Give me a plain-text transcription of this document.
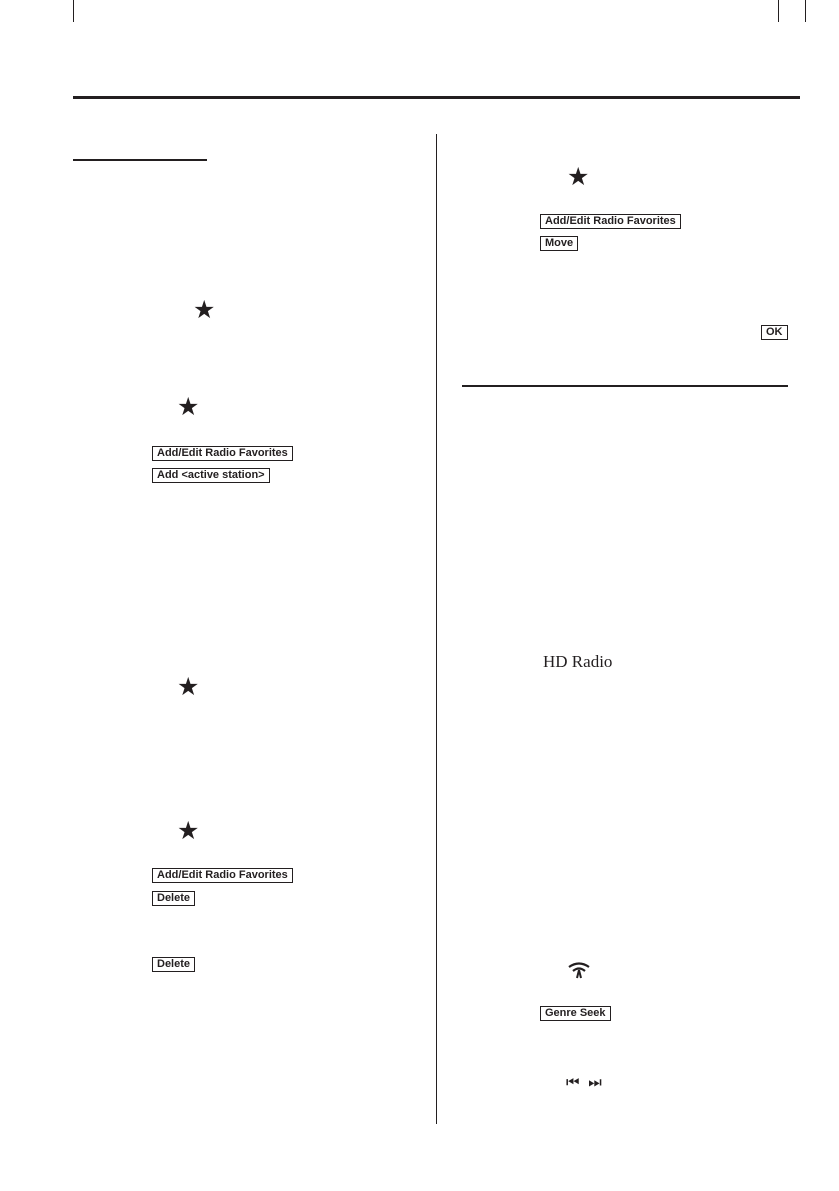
★
★
Add/Edit Radio Favorites
Add <active station>
★
★
Add/Edit Radio Favorites
Delete
Delete
★
Add/Edit Radio Favorites
Move
OK
HD Radio
Genre Seek
⏮ ⏭
